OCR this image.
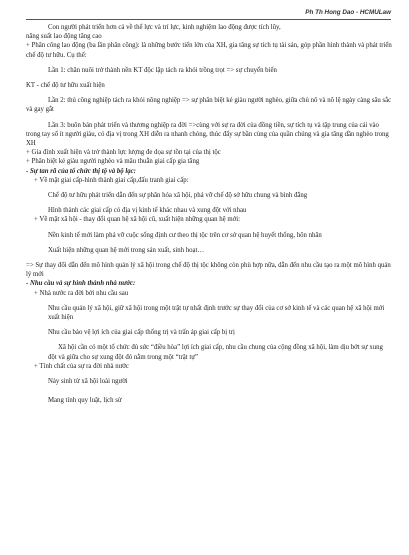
Ph Th Hong Dao - HCMULaw

Con người phát triển hơn cả về thể lực và trí lực, kinh nghiệm lao động được tích lũy,

năng suất lao động tăng cao

+ Phân công lao động (ba lần phân công): là những bước tiến lớn của XH, gia tăng sự tích tụ tài sản, góp phần hình thành và phát triển chế độ tư hữu. Cụ thể:

Lần 1: chăn nuôi trở thành nền KT độc lập tách ra khỏi trồng trọt => sự chuyển biến

KT - chế độ tư hữu xuất hiện

Lần 2: thủ công nghiệp tách ra khỏi nông nghiệp => sự phân biệt kẻ giàu người nghèo, giữa chủ nô và nô lệ ngày càng sâu sắc và gay gắt

Lần 3: buôn bán phát triển và thương nghiệp ra đời =>cùng với sự ra đời của đồng tiền, sự tích tụ và tập trung của cải vào trong tay số ít người giàu, có địa vị trong XH diễn ra nhanh chóng, thúc đẩy sự bần cùng của quần chúng và gia tăng dần nghèo trong XH

+ Gia đình xuất hiện và trở thành lực lượng đe dọa sự tồn tại của thị tộc

+ Phân biệt kẻ giàu người nghèo và mâu thuẫn giai cấp gia tăng

- Sự tan rã của tổ chức thị tộ và bộ lạc:

+ Về mặt giai cấp-hình thành giai cấp,đấu tranh giai cấp:

Chế độ tư hữu phát triển dẫn đến sự phân hóa xã hội, phá vỡ chế độ sở hữu chung và bình đẳng

Hình thành các giai cấp có địa vị kinh tế khác nhau và xung đột với nhau

+ Về mặt xã hội - thay đổi quan hệ xã hội cũ, xuất hiện những quan hệ mới:

Nền kinh tế mới làm phá vỡ cuộc sống định cư theo thị tộc trên cơ sở quan hệ huyết thống, hôn nhân

Xuất hiện những quan hệ mới trong sản xuất, sinh hoạt…

=> Sự thay đổi dẫn đến mô hình quản lý xã hội trong chế độ thị tộc không còn phù hợp nữa, dẫn đến nhu cầu tạo ra một mô hình quản lý mới

- Nhu cầu và sự hình thành nhà nước:

+ Nhà nước ra đời bởi nhu cầu sau

Nhu cầu quản lý xã hội, giữ xã hội trong một trật tự nhất định trước sự thay đổi của cơ sở kinh tế và các quan hệ xã hội mới xuất hiện

Nhu cầu bảo vệ lợi ích của giai cấp thống trị và trấn áp giai cấp bị trị

Xã hội cần có một tổ chức đủ sức “điều hòa” lợi ích giai cấp, nhu cầu chung của cộng đồng xã hội, làm dịu bớt sự xung đột và giữa cho sự xung đột đó nằm trong một “trật tự”

+ Tính chất của sự ra đời nhà nước

Nảy sinh từ xã hội loài người

Mang tính quy luật, lịch sử
